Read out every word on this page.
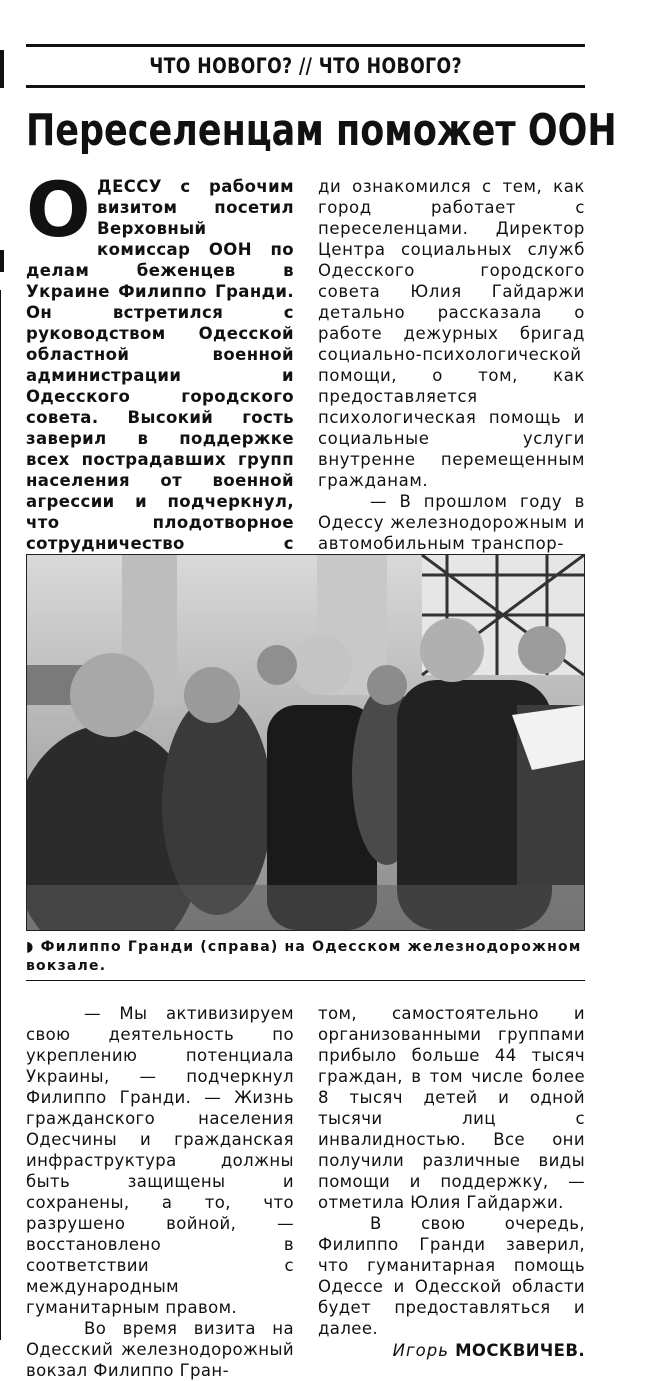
ЧТО НОВОГО? // ЧТО НОВОГО?
Переселенцам поможет ООН
О ДЕССУ с рабочим визитом посетил Верховный комиссар ООН по делам беженцев в Украине Филиппо Гранди. Он встретился с руководством Одесской областной военной администрации и Одесского городского совета. Высокий гость заверил в поддержке всех пострадавших групп населения от военной агрессии и подчеркнул, что плодотворное сотрудничество с

ди ознакомился с тем, как город работает с переселенцами. Директор Центра социальных служб Одесского городского совета Юлия Гайдаржи детально рассказала о работе дежурных бригад социально-психологической помощи, о том, как предоставляется психологическая помощь и социальные услуги внутренне перемещенным гражданам.

— В прошлом году в Одессу железнодорожным и автомобильным транспор-

◗ Филиппо Гранди (справа) на Одесском железнодорожном вокзале.

— Мы активизируем свою деятельность по укреплению потенциала Украины, — подчеркнул Филиппо Гранди. — Жизнь гражданского населения Одесчины и гражданская инфраструктура должны быть защищены и сохранены, а то, что разрушено войной, — восстановлено в соответствии с международным гуманитарным правом.

Во время визита на Одесский железнодорожный вокзал Филиппо Гран-

том, самостоятельно и организованными группами прибыло больше 44 тысяч граждан, в том числе более 8 тысяч детей и одной тысячи лиц с инвалидностью. Все они получили различные виды помощи и поддержку, — отметила Юлия Гайдаржи.

В свою очередь, Филиппо Гранди заверил, что гуманитарная помощь Одессе и Одесской области будет предоставляться и далее.

Игорь МОСКВИЧЕВ.
